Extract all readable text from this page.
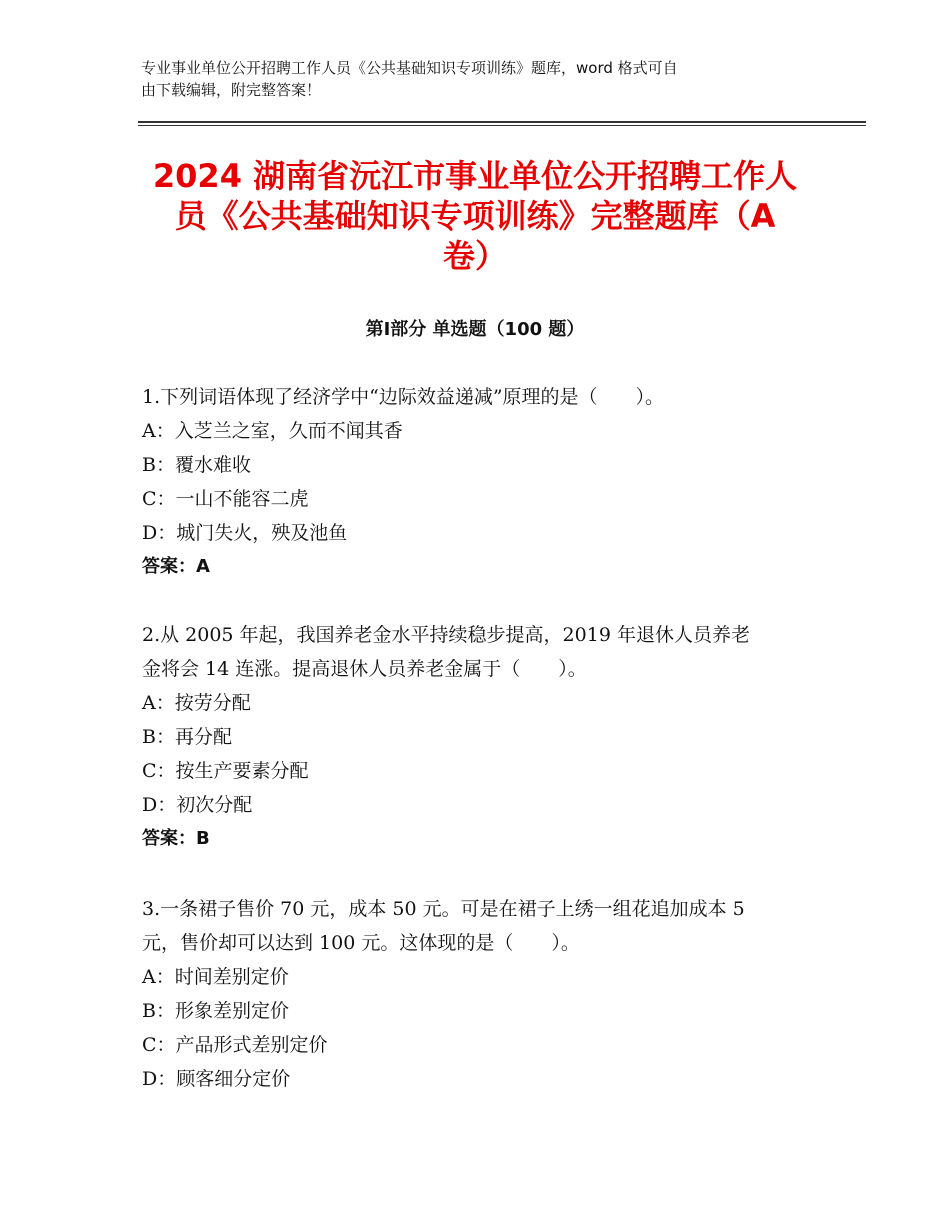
专业事业单位公开招聘工作人员《公共基础知识专项训练》题库，word 格式可自
由下载编辑，附完整答案！
2024 湖南省沅江市事业单位公开招聘工作人
员《公共基础知识专项训练》完整题库（A
卷）
第Ⅰ部分 单选题（100 题）

1.下列词语体现了经济学中“边际效益递减”原理的是（　　）。

A：入芝兰之室，久而不闻其香

B：覆水难收

C：一山不能容二虎

D：城门失火，殃及池鱼

答案：A

2.从 2005 年起，我国养老金水平持续稳步提高，2019 年退休人员养老

金将会 14 连涨。提高退休人员养老金属于（　　）。

A：按劳分配

B：再分配

C：按生产要素分配

D：初次分配

答案：B

3.一条裙子售价 70 元，成本 50 元。可是在裙子上绣一组花追加成本 5

元，售价却可以达到 100 元。这体现的是（　　）。

A：时间差别定价

B：形象差别定价

C：产品形式差别定价

D：顾客细分定价
